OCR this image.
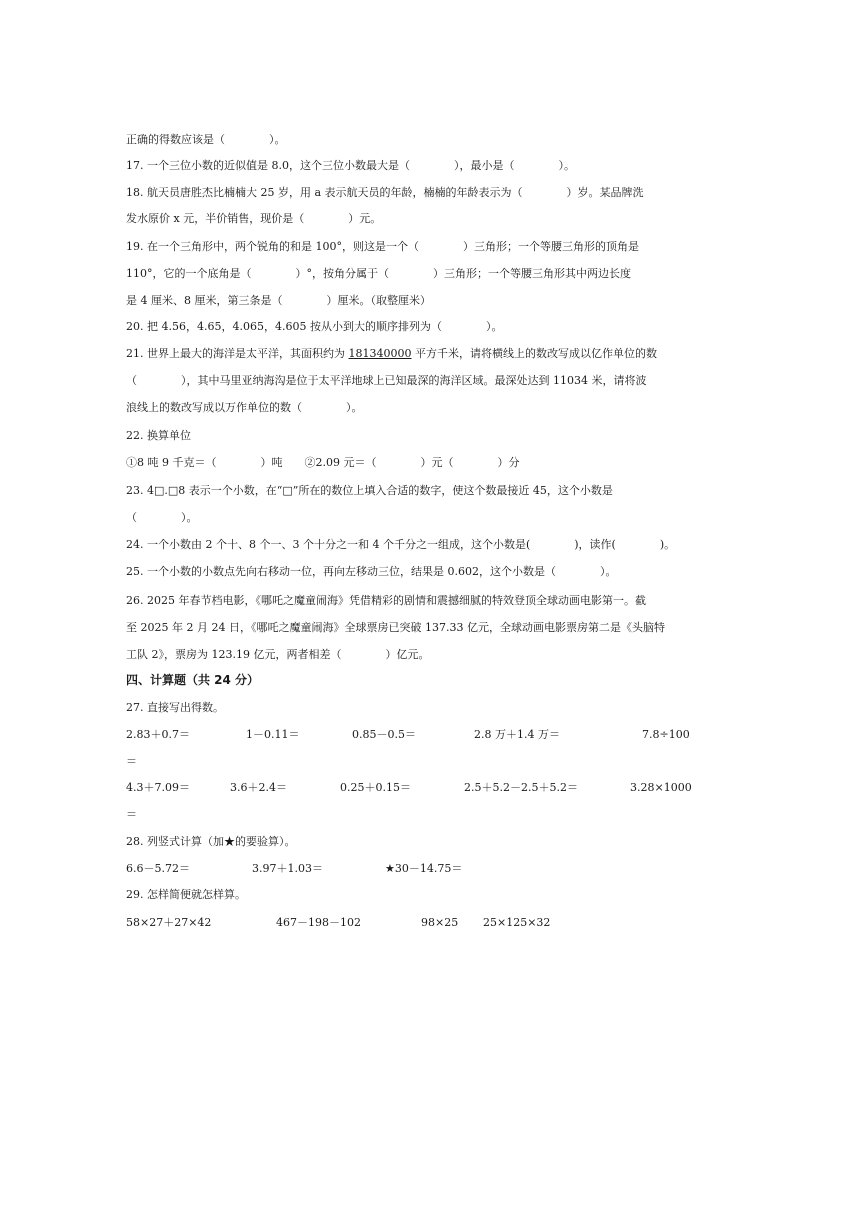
正确的得数应该是（　　　　）。
17. 一个三位小数的近似值是 8.0，这个三位小数最大是（　　　　），最小是（　　　　）。
18. 航天员唐胜杰比楠楠大 25 岁，用 a 表示航天员的年龄，楠楠的年龄表示为（　　　　）岁。某品牌洗
发水原价 x 元，半价销售，现价是（　　　　）元。
19. 在一个三角形中，两个锐角的和是 100°，则这是一个（　　　　）三角形；一个等腰三角形的顶角是
110°，它的一个底角是（　　　　）°，按角分属于（　　　　）三角形；一个等腰三角形其中两边长度
是 4 厘米、8 厘米，第三条是（　　　　）厘米。（取整厘米）
20. 把 4.56，4.65，4.065，4.605 按从小到大的顺序排列为（　　　　）。
21. 世界上最大的海洋是太平洋，其面积约为 181340000 平方千米，请将横线上的数改写成以亿作单位的数
（　　　　），其中马里亚纳海沟是位于太平洋地球上已知最深的海洋区域。最深处达到 11034 米，请将波
浪线上的数改写成以万作单位的数（　　　　）。
22. 换算单位
①8 吨 9 千克＝（　　　　）吨　　②2.09 元＝（　　　　）元（　　　　）分
23. 4□.□8 表示一个小数，在“□”所在的数位上填入合适的数字，使这个数最接近 45，这个小数是
（　　　　）。
24. 一个小数由 2 个十、8 个一、3 个十分之一和 4 个千分之一组成，这个小数是(　　　　)，读作(　　　　)。
25. 一个小数的小数点先向右移动一位，再向左移动三位，结果是 0.602，这个小数是（　　　　）。
26. 2025 年春节档电影，《哪吒之魔童闹海》凭借精彩的剧情和震撼细腻的特效登顶全球动画电影第一。截
至 2025 年 2 月 24 日，《哪吒之魔童闹海》全球票房已突破 137.33 亿元，全球动画电影票房第二是《头脑特
工队 2》，票房为 123.19 亿元，两者相差（　　　　）亿元。
四、计算题（共 24 分）
27. 直接写出得数。
2.83＋0.7＝	1－0.11＝	0.85－0.5＝	2.8 万＋1.4 万＝	7.8÷100
＝
4.3＋7.09＝	3.6＋2.4＝	0.25＋0.15＝	2.5＋5.2－2.5＋5.2＝	3.28×1000
＝
28. 列竖式计算（加★的要验算）。
6.6－5.72＝	3.97＋1.03＝	★30－14.75＝
29. 怎样简便就怎样算。
58×27＋27×42	467－198－102	98×25 25×125×32
